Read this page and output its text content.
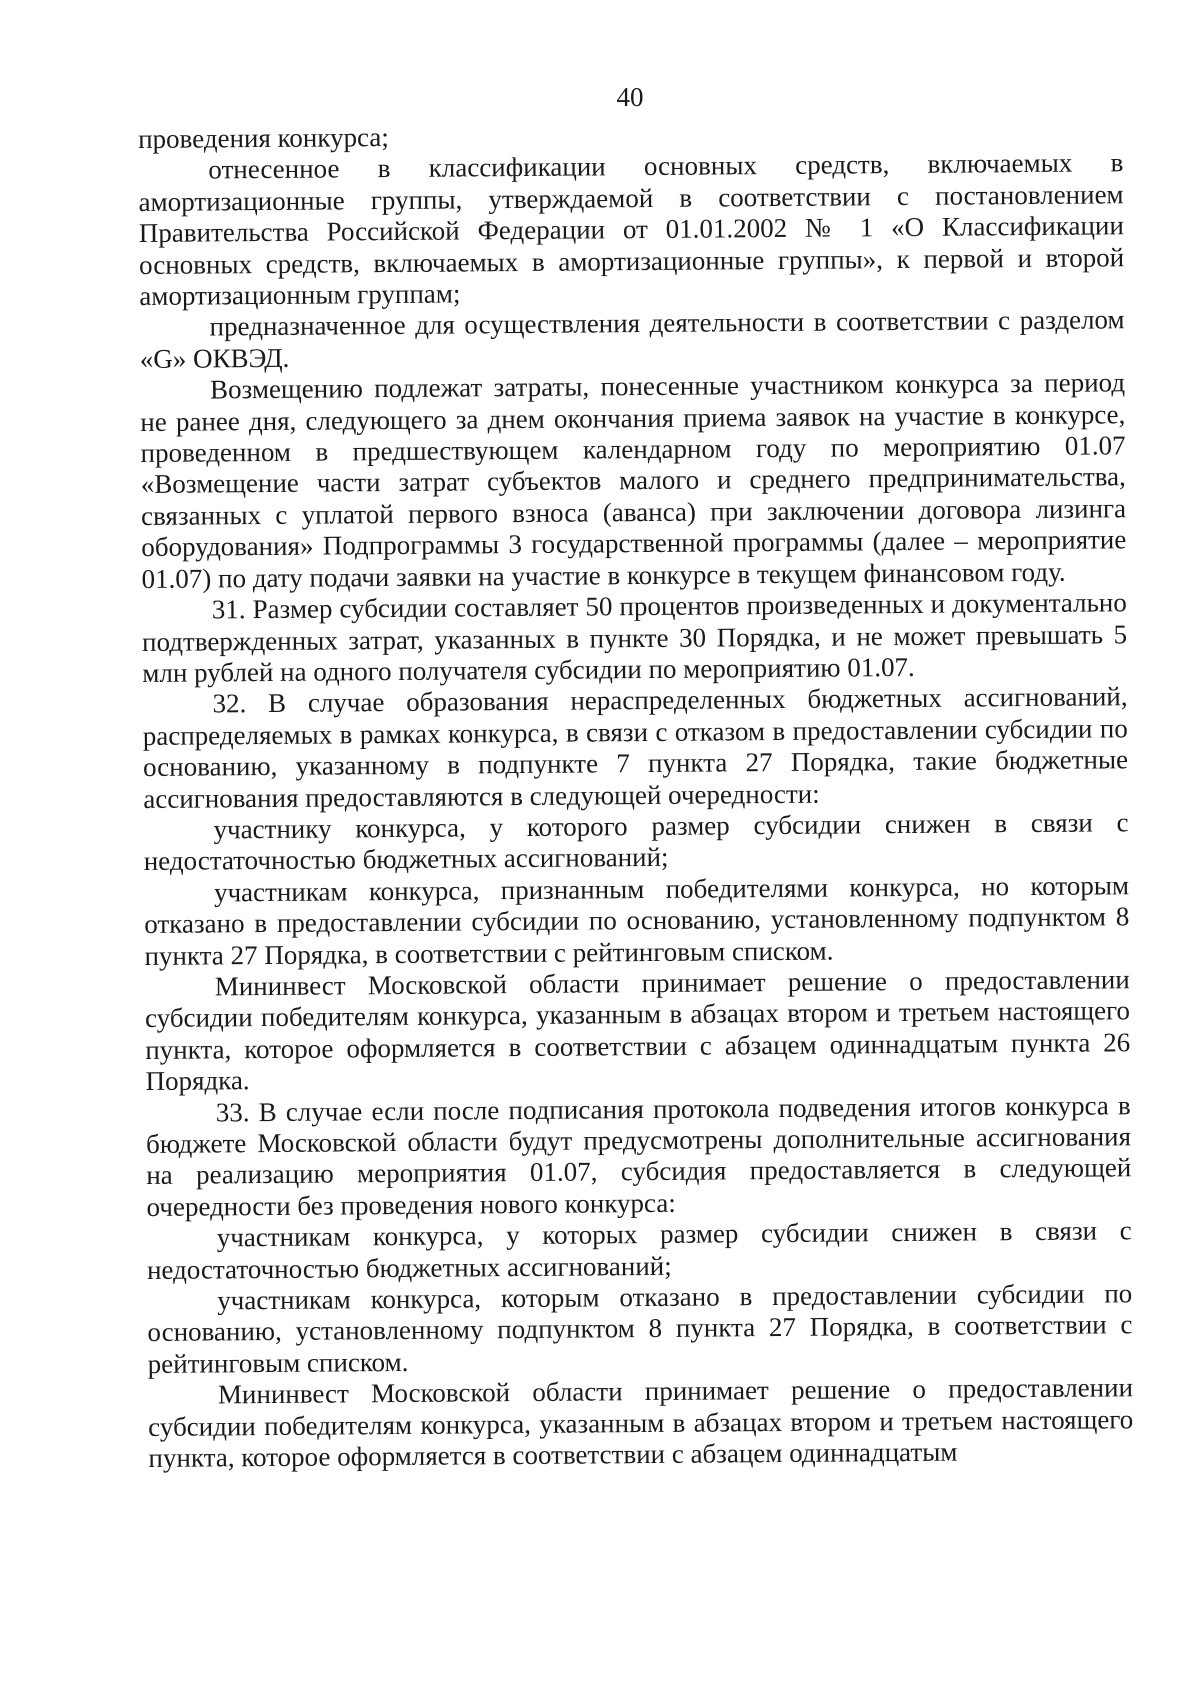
40

проведения конкурса;

отнесенное в классификации основных средств, включаемых в амортизационные группы, утверждаемой в соответствии с постановлением Правительства Российской Федерации от 01.01.2002 № 1 «О Классификации основных средств, включаемых в амортизационные группы», к первой и второй амортизационным группам;

предназначенное для осуществления деятельности в соответствии с разделом «G» ОКВЭД.

Возмещению подлежат затраты, понесенные участником конкурса за период не ранее дня, следующего за днем окончания приема заявок на участие в конкурсе, проведенном в предшествующем календарном году по мероприятию 01.07 «Возмещение части затрат субъектов малого и среднего предпринимательства, связанных с уплатой первого взноса (аванса) при заключении договора лизинга оборудования» Подпрограммы 3 государственной программы (далее – мероприятие 01.07) по дату подачи заявки на участие в конкурсе в текущем финансовом году.

31. Размер субсидии составляет 50 процентов произведенных и документально подтвержденных затрат, указанных в пункте 30 Порядка, и не может превышать 5 млн рублей на одного получателя субсидии по мероприятию 01.07.

32. В случае образования нераспределенных бюджетных ассигнований, распределяемых в рамках конкурса, в связи с отказом в предоставлении субсидии по основанию, указанному в подпункте 7 пункта 27 Порядка, такие бюджетные ассигнования предоставляются в следующей очередности:

участнику конкурса, у которого размер субсидии снижен в связи с недостаточностью бюджетных ассигнований;

участникам конкурса, признанным победителями конкурса, но которым отказано в предоставлении субсидии по основанию, установленному подпунктом 8 пункта 27 Порядка, в соответствии с рейтинговым списком.

Мининвест Московской области принимает решение о предоставлении субсидии победителям конкурса, указанным в абзацах втором и третьем настоящего пункта, которое оформляется в соответствии с абзацем одиннадцатым пункта 26 Порядка.

33. В случае если после подписания протокола подведения итогов конкурса в бюджете Московской области будут предусмотрены дополнительные ассигнования на реализацию мероприятия 01.07, субсидия предоставляется в следующей очередности без проведения нового конкурса:

участникам конкурса, у которых размер субсидии снижен в связи с недостаточностью бюджетных ассигнований;

участникам конкурса, которым отказано в предоставлении субсидии по основанию, установленному подпунктом 8 пункта 27 Порядка, в соответствии с рейтинговым списком.

Мининвест Московской области принимает решение о предоставлении субсидии победителям конкурса, указанным в абзацах втором и третьем настоящего пункта, которое оформляется в соответствии с абзацем одиннадцатым
